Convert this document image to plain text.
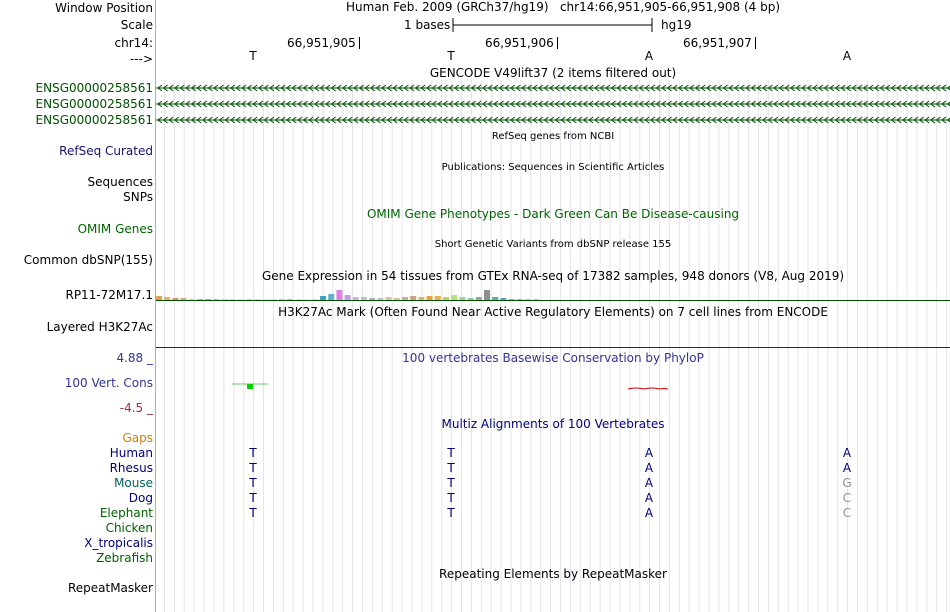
Window Position	Human Feb. 2009 (GRCh37/hg19)   chr14:66,951,905-66,951,908 (4 bp)
Scale	1 bases	hg19
chr14:	66,951,905	66,951,906	66,951,907
--->	T	T	A	A
GENCODE V49lift37 (2 items filtered out)
ENSG00000258561
ENSG00000258561
ENSG00000258561
RefSeq genes from NCBI
RefSeq Curated
Publications: Sequences in Scientific Articles
Sequences
SNPs
OMIM Gene Phenotypes - Dark Green Can Be Disease-causing
OMIM Genes
Short Genetic Variants from dbSNP release 155
Common dbSNP(155)
Gene Expression in 54 tissues from GTEx RNA-seq of 17382 samples, 948 donors (V8, Aug 2019)
RP11-72M17.1
H3K27Ac Mark (Often Found Near Active Regulatory Elements) on 7 cell lines from ENCODE
Layered H3K27Ac
4.88 _	100 vertebrates Basewise Conservation by PhyloP
100 Vert. Cons
-4.5 _
Multiz Alignments of 100 Vertebrates
Gaps
Human	T	T	A	A
Rhesus	T	T	A	A
Mouse	T	T	A	G
Dog	T	T	A	C
Elephant	T	T	A	C
Chicken
X_tropicalis
Zebrafish
Repeating Elements by RepeatMasker
RepeatMasker
